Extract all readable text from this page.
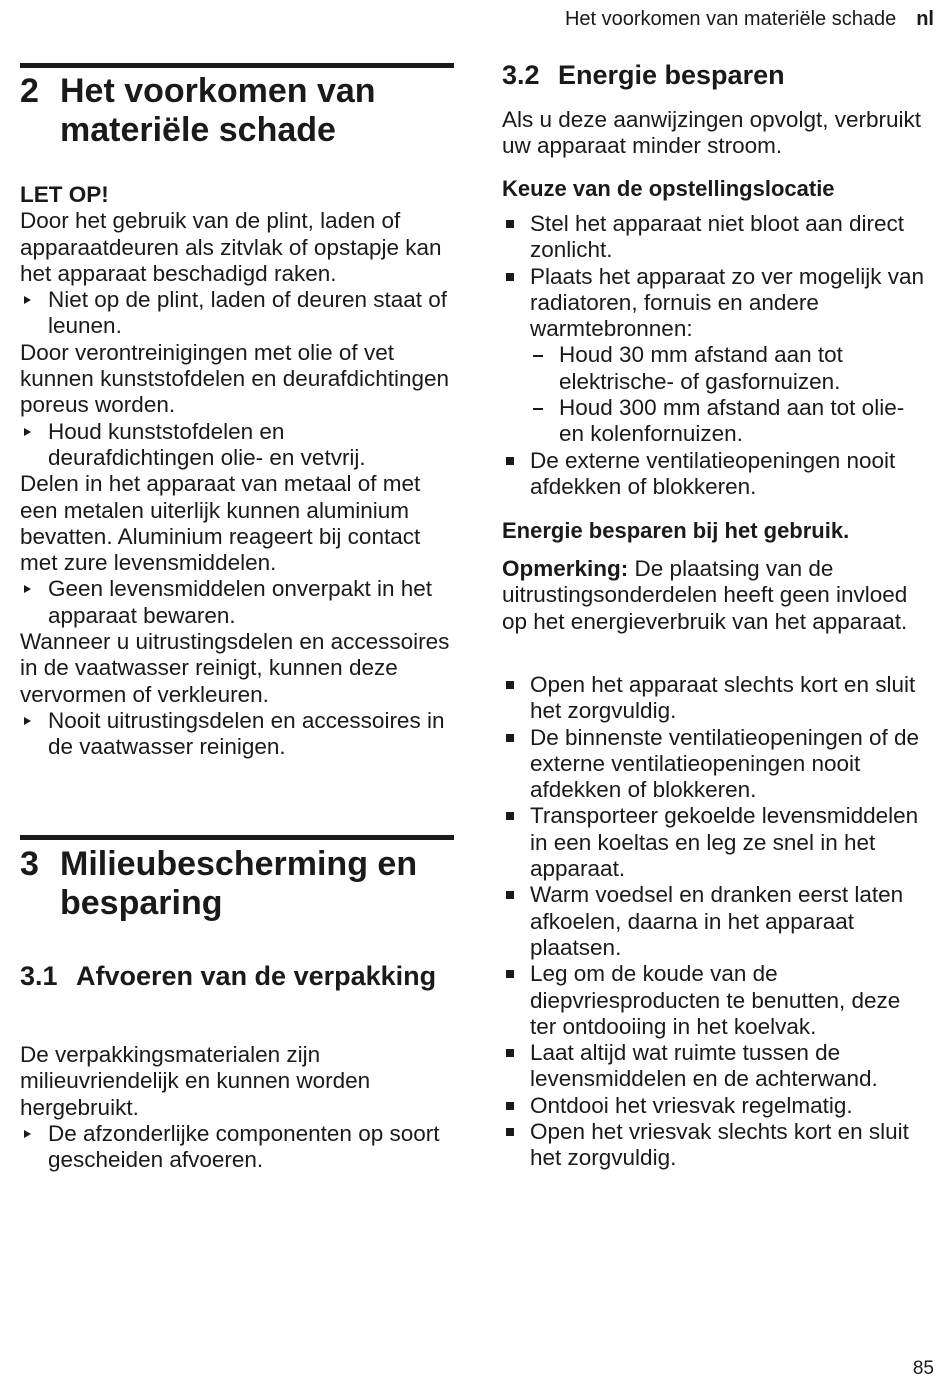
Het voorkomen van materiële schade nl
2 Het voorkomen van materiële schade

LET OP!

Door het gebruik van de plint, laden of apparaatdeuren als zitvlak of opstapje kan het apparaat beschadigd raken.

Niet op de plint, laden of deuren staat of leunen.

Door verontreinigingen met olie of vet kunnen kunststofdelen en deurafdichtingen poreus worden.

Houd kunststofdelen en deurafdichtingen olie- en vetvrij.

Delen in het apparaat van metaal of met een metalen uiterlijk kunnen aluminium bevatten. Aluminium reageert bij contact met zure levensmiddelen.

Geen levensmiddelen onverpakt in het apparaat bewaren.

Wanneer u uitrustingsdelen en accessoires in de vaatwasser reinigt, kunnen deze vervormen of verkleuren.

Nooit uitrustingsdelen en accessoires in de vaatwasser reinigen.
3 Milieubescherming en besparing
3.1 Afvoeren van de verpakking

De verpakkingsmaterialen zijn milieuvriendelijk en kunnen worden hergebruikt.

De afzonderlijke componenten op soort gescheiden afvoeren.
3.2 Energie besparen

Als u deze aanwijzingen opvolgt, verbruikt uw apparaat minder stroom.

Keuze van de opstellingslocatie
Stel het apparaat niet bloot aan direct zonlicht.
Plaats het apparaat zo ver mogelijk van radiatoren, fornuis en andere warmtebronnen:
Houd 30 mm afstand aan tot elektrische- of gasfornuizen.
Houd 300 mm afstand aan tot olie- en kolenfornuizen.
De externe ventilatieopeningen nooit afdekken of blokkeren.
Energie besparen bij het gebruik.

Opmerking: De plaatsing van de uitrustingsonderdelen heeft geen invloed op het energieverbruik van het apparaat.

Open het apparaat slechts kort en sluit het zorgvuldig.
De binnenste ventilatieopeningen of de externe ventilatieopeningen nooit afdekken of blokkeren.
Transporteer gekoelde levensmiddelen in een koeltas en leg ze snel in het apparaat.
Warm voedsel en dranken eerst laten afkoelen, daarna in het apparaat plaatsen.
Leg om de koude van de diepvriesproducten te benutten, deze ter ontdooiing in het koelvak.
Laat altijd wat ruimte tussen de levensmiddelen en de achterwand.
Ontdooi het vriesvak regelmatig.
Open het vriesvak slechts kort en sluit het zorgvuldig.
85
